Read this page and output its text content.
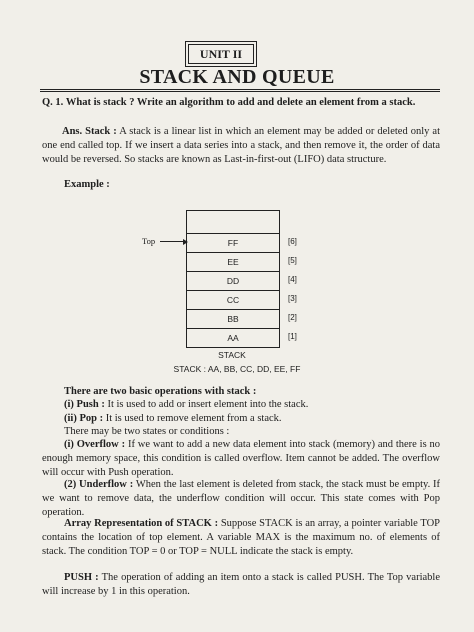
UNIT II
STACK AND QUEUE
Q. 1. What is stack ? Write an algorithm to add and delete an element from a stack.
Ans. Stack : A stack is a linear list in which an element may be added or deleted only at one end called top. If we insert a data series into a stack, and then remove it, the order of data would be reversed. So stacks are known as Last-in-first-out (LIFO) data structure.
Example :
Top	FF
EE
DD
CC
BB
AA
[6]
[5]
[4]
[3]
[2]
[1]
STACK
STACK : AA, BB, CC, DD, EE, FF
There are two basic operations with stack :
(i) Push : It is used to add or insert element into the stack.
(ii) Pop : It is used to remove element from a stack.
There may be two states or conditions :
(i) Overflow : If we want to add a new data element into stack (memory) and there is no enough memory space, this condition is called overflow. Item cannot be added. The overflow will occur with Push operation.
(2) Underflow : When the last element is deleted from stack, the stack must be empty. If we want to remove data, the underflow condition will occur. This state comes with Pop operation.
Array Representation of STACK : Suppose STACK is an array, a pointer variable TOP contains the location of top element. A variable MAX is the maximum no. of elements of stack. The condition TOP = 0 or TOP = NULL indicate the stack is empty.
PUSH : The operation of adding an item onto a stack is called PUSH. The Top variable will increase by 1 in this operation.
